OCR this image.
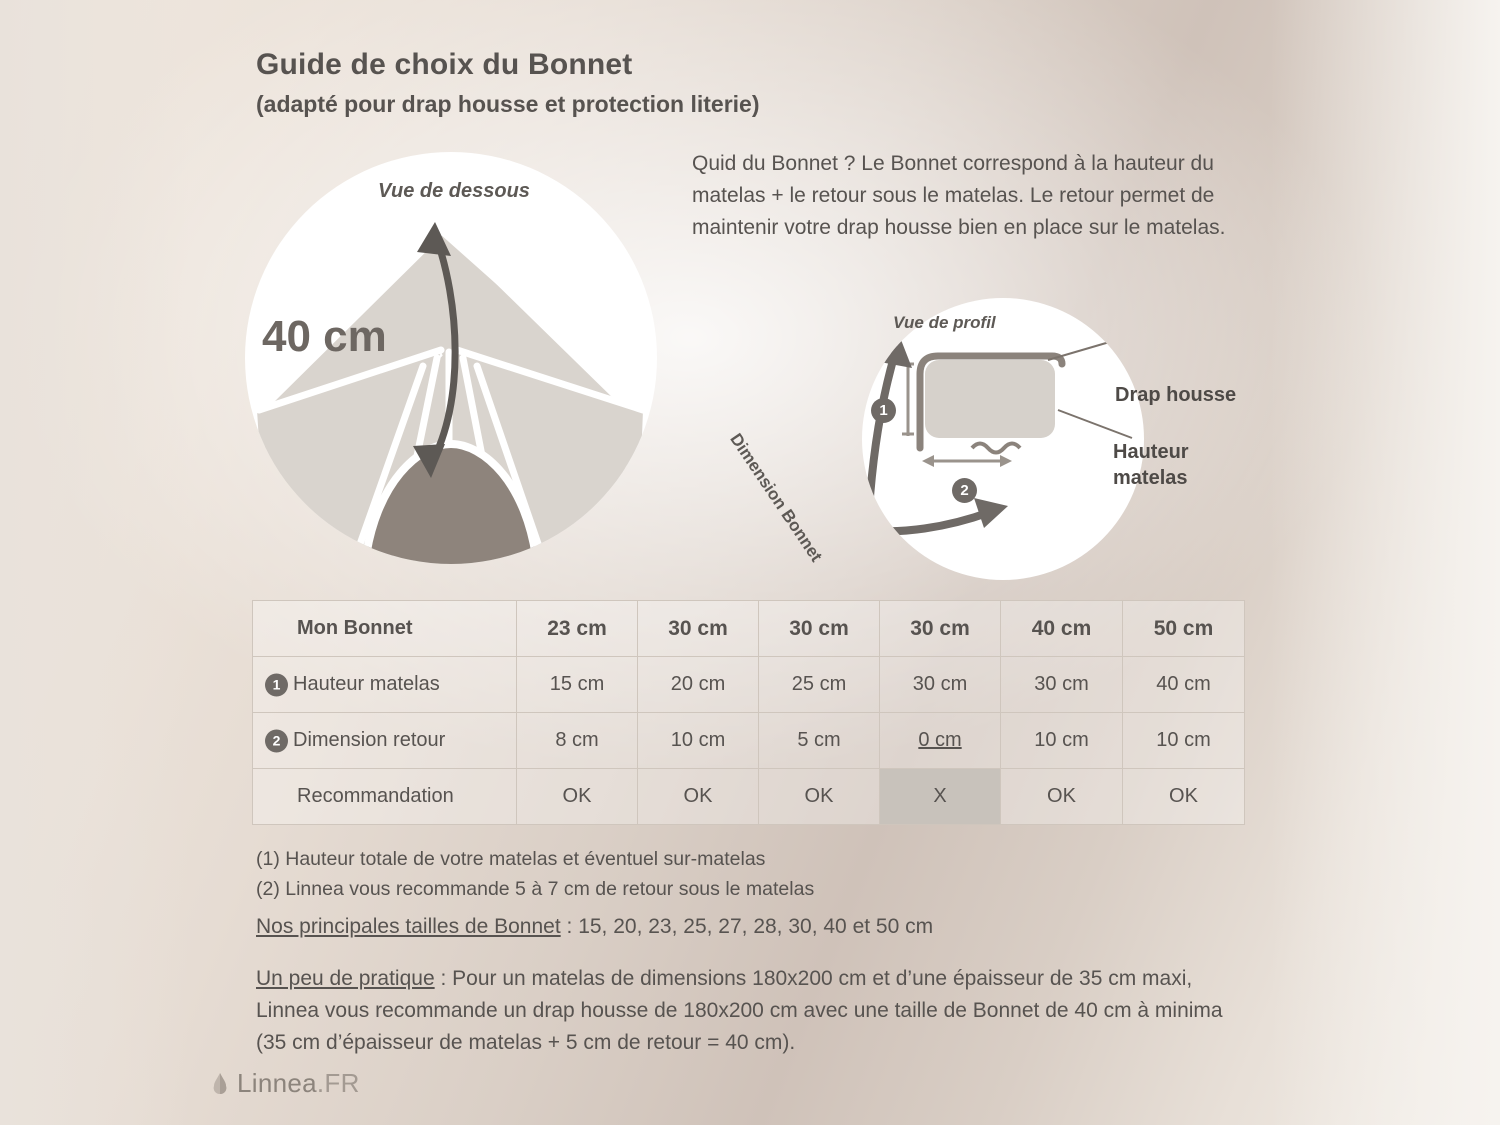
Guide de choix du Bonnet
(adapté pour drap housse et protection literie)
Quid du Bonnet ? Le Bonnet correspond à la hauteur du matelas + le retour sous le matelas. Le retour permet de maintenir votre drap housse bien en place sur le matelas.
Vue de dessous
40 cm	Vue de profil
Dimension Bonnet
1
2
Drap housse
Hauteur
matelas
Mon Bonnet	23 cm	30 cm	30 cm	30 cm	40 cm	50 cm

1 Hauteur matelas	15 cm	20 cm	25 cm	30 cm	30 cm	40 cm

2 Dimension retour	8 cm	10 cm	5 cm	0 cm	10 cm	10 cm
Recommandation	OK	OK	OK	X	OK	OK
(1) Hauteur totale de votre matelas et éventuel sur-matelas
(2) Linnea vous recommande 5 à 7 cm de retour sous le matelas
Nos principales tailles de Bonnet : 15, 20, 23, 25, 27, 28, 30, 40 et 50 cm
Un peu de pratique : Pour un matelas de dimensions 180x200 cm et d’une épaisseur de 35 cm maxi, Linnea vous recommande un drap housse de 180x200 cm avec une taille de Bonnet de 40 cm à minima (35 cm d’épaisseur de matelas + 5 cm de retour = 40 cm).
Linnea.FR
